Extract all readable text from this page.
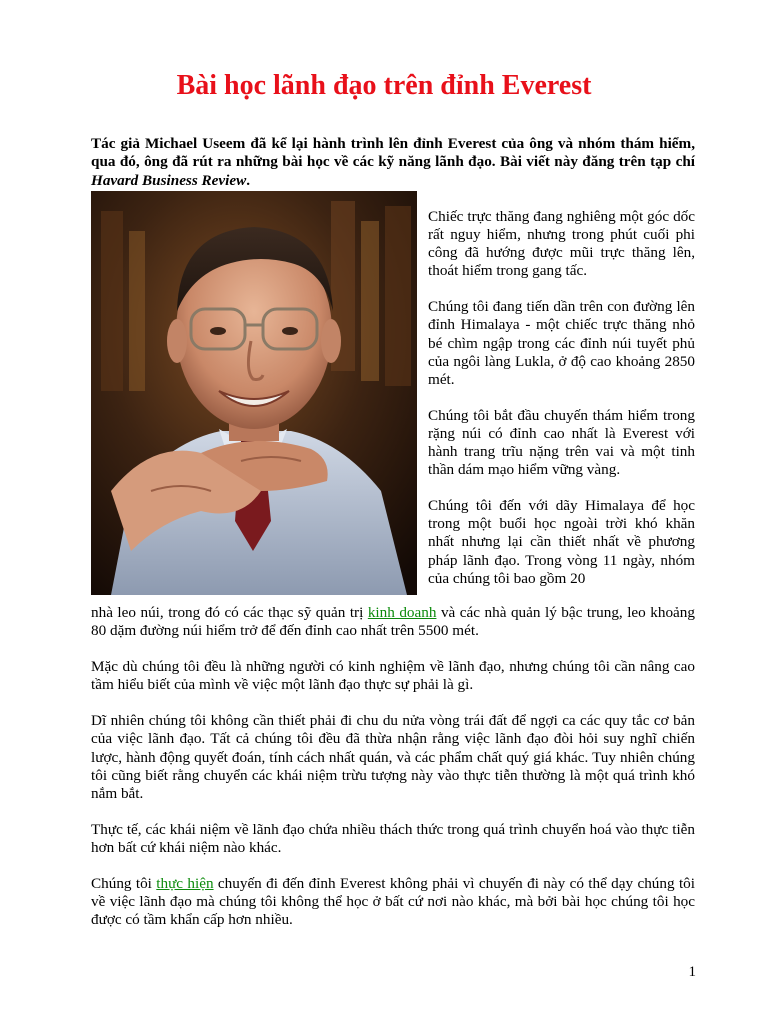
Bài học lãnh đạo trên đỉnh Everest

Tác giả Michael Useem đã kể lại hành trình lên đỉnh Everest của ông và nhóm thám hiểm, qua đó, ông đã rút ra những bài học về các kỹ năng lãnh đạo. Bài viết này đăng trên tạp chí Havard Business Review.

Chiếc trực thăng đang nghiêng một góc dốc rất nguy hiểm, nhưng trong phút cuối phi công đã hướng được mũi trực thăng lên, thoát hiểm trong gang tấc.

Chúng tôi đang tiến dần trên con đường lên đỉnh Himalaya - một chiếc trực thăng nhỏ bé chìm ngập trong các đỉnh núi tuyết phủ của ngôi làng Lukla, ở độ cao khoảng 2850 mét.

Chúng tôi bắt đầu chuyến thám hiểm trong rặng núi có đỉnh cao nhất là Everest với hành trang trĩu nặng trên vai và một tinh thần dám mạo hiểm vững vàng.

Chúng tôi đến với dãy Himalaya để học trong một buổi học ngoài trời khó khăn nhất nhưng lại cần thiết nhất về phương pháp lãnh đạo. Trong vòng 11 ngày, nhóm của chúng tôi bao gồm 20

nhà leo núi, trong đó có các thạc sỹ quản trị kinh doanh và các nhà quản lý bậc trung, leo khoảng 80 dặm đường núi hiểm trở để đến đỉnh cao nhất trên 5500 mét.

Mặc dù chúng tôi đều là những người có kinh nghiệm về lãnh đạo, nhưng chúng tôi cần nâng cao tầm hiểu biết của mình về việc một lãnh đạo thực sự phải là gì.

Dĩ nhiên chúng tôi không cần thiết phải đi chu du nửa vòng trái đất để ngợi ca các quy tắc cơ bản của việc lãnh đạo. Tất cả chúng tôi đều đã thừa nhận rằng việc lãnh đạo đòi hỏi suy nghĩ chiến lược, hành động quyết đoán, tính cách nhất quán, và các phẩm chất quý giá khác. Tuy nhiên chúng tôi cũng biết rằng chuyển các khái niệm trừu tượng này vào thực tiễn thường là một quá trình khó nắm bắt.

Thực tế, các khái niệm về lãnh đạo chứa nhiều thách thức trong quá trình chuyển hoá vào thực tiễn hơn bất cứ khái niệm nào khác.

Chúng tôi thực hiện chuyến đi đến đỉnh Everest không phải vì chuyến đi này có thể dạy chúng tôi về việc lãnh đạo mà chúng tôi không thể học ở bất cứ nơi nào khác, mà bởi bài học chúng tôi học được có tầm khẩn cấp hơn nhiều.

1
